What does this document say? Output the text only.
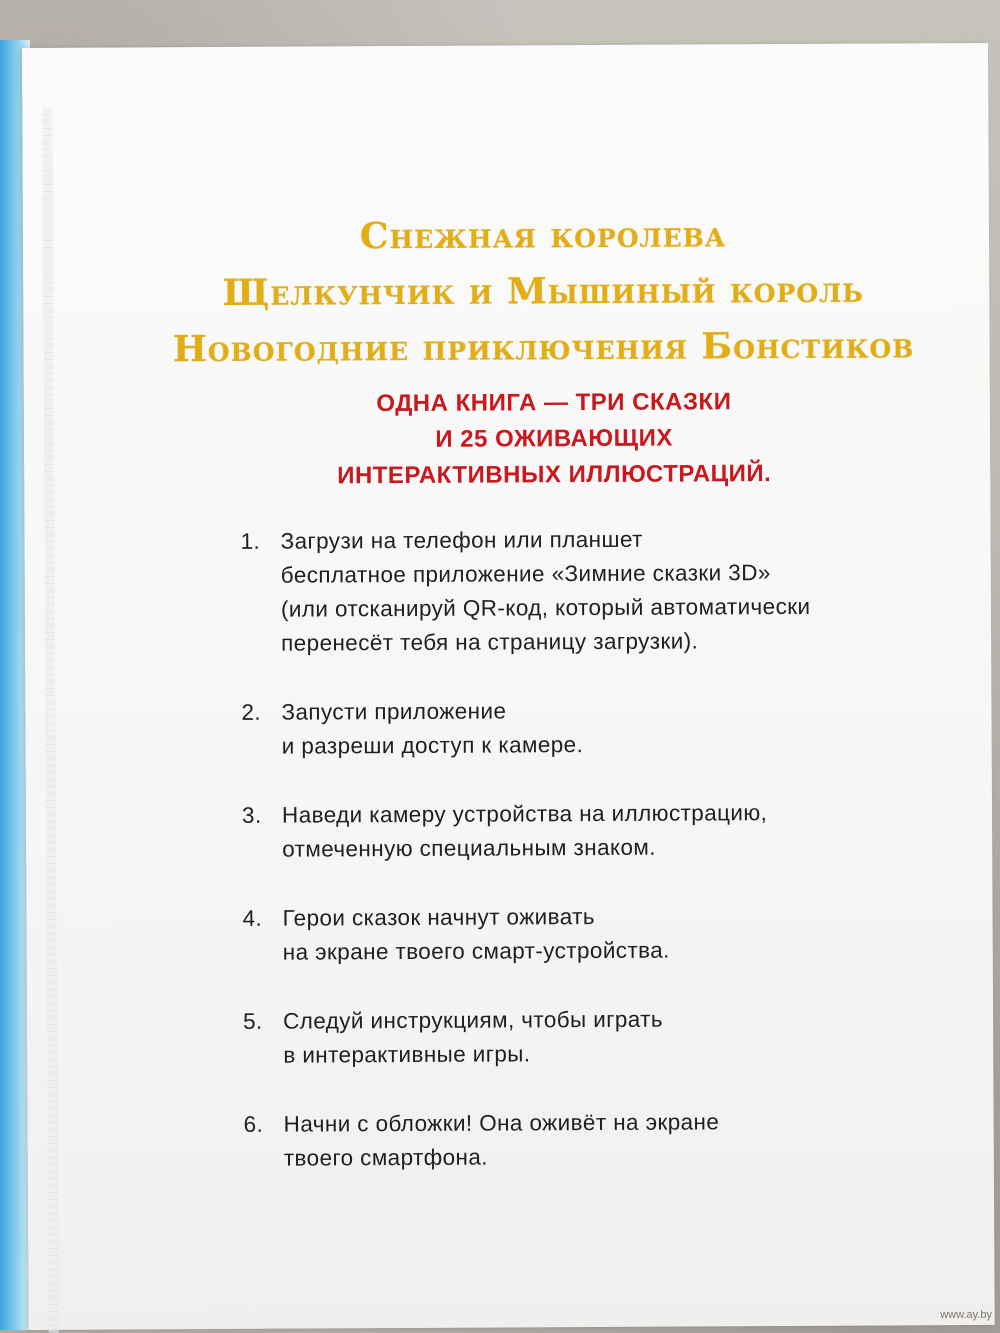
Снежная королева
Щелкунчик и Мышиный король
Новогодние приключения Бонстиков
ОДНА КНИГА — ТРИ СКАЗКИ
И 25 ОЖИВАЮЩИХ
ИНТЕРАКТИВНЫХ ИЛЛЮСТРАЦИЙ.
1. Загрузи на телефон или планшет
бесплатное приложение «Зимние сказки 3D»
(или отсканируй QR-код, который автоматически
перенесёт тебя на страницу загрузки).
2. Запусти приложение
и разреши доступ к камере.
3. Наведи камеру устройства на иллюстрацию,
отмеченную специальным знаком.
4. Герои сказок начнут оживать
на экране твоего смарт-устройства.
5. Следуй инструкциям, чтобы играть
в интерактивные игры.
6. Начни с обложки! Она оживёт на экране
твоего смартфона.
www.ay.by
